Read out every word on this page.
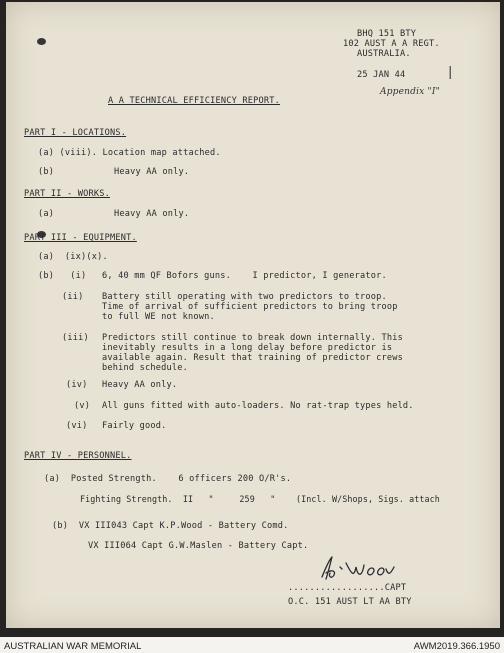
BHQ 151 BTY
102 AUST A A REGT.
AUSTRALIA.
25 JAN 44	|
Appendix "I"
A A TECHNICAL EFFICIENCY REPORT.
PART I - LOCATIONS.
(a) (viii). Location map attached.
(b)	Heavy AA only.
PART II - WORKS.
(a)	Heavy AA only.
PART III - EQUIPMENT.
(a)  (ix)(x).
(b)   (i) 6, 40 mm QF Bofors guns.    I predictor, I generator.
(ii) Battery still operating with two predictors to troop.
Time of arrival of sufficient predictors to bring troop
to full WE not known.
(iii) Predictors still continue to break down internally. This
inevitably results in a long delay before predictor is
available again. Result that training of predictor crews
behind schedule.
(iv) Heavy AA only.
(v) All guns fitted with auto-loaders. No rat-trap types held.
(vi) Fairly good.
PART IV - PERSONNEL.
(a)  Posted Strength.    6 officers 200 O/R's.
Fighting Strength.  II   "     259   "    (Incl. W/Shops, Sigs. attach
(b)  VX III043 Capt K.P.Wood - Battery Comd.
VX III064 Capt G.W.Maslen - Battery Capt.
..................CAPT
O.C. 151 AUST LT AA BTY
AUSTRALIAN WAR MEMORIAL	AWM2019.366.1950
